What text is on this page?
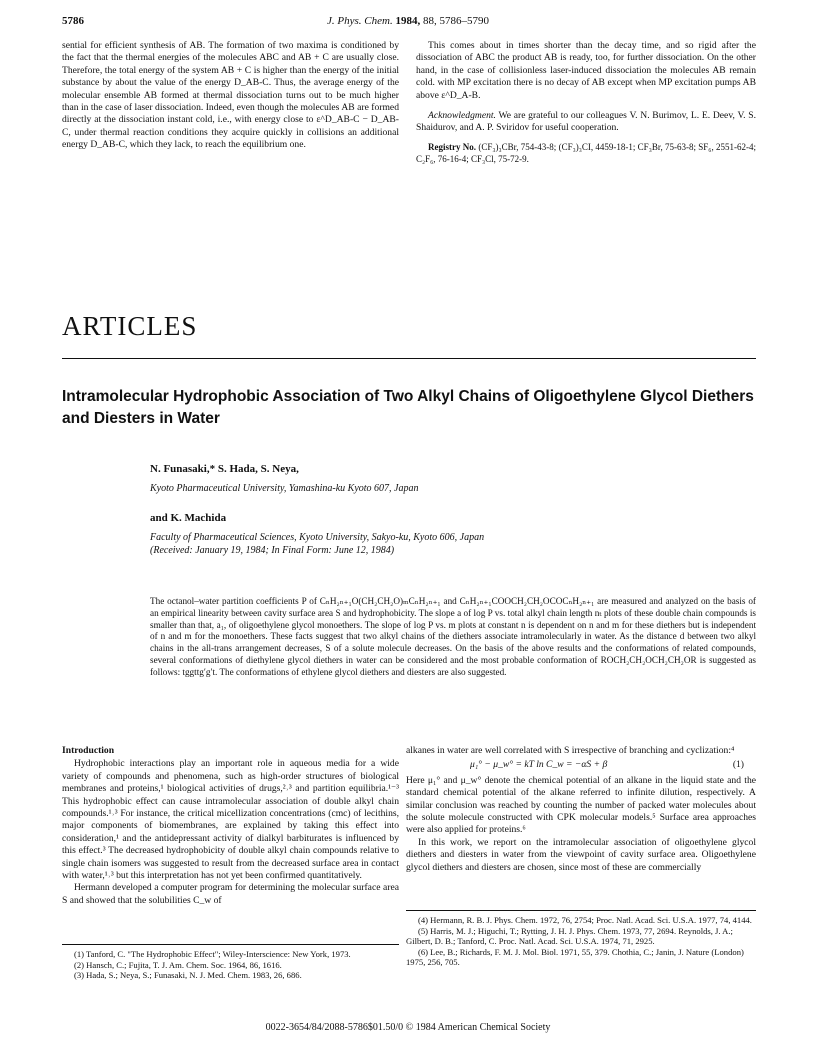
5786	J. Phys. Chem. 1984, 88, 5786–5790

sential for efficient synthesis of AB. The formation of two maxima is conditioned by the fact that the thermal energies of the molecules ABC and AB + C are usually close. Therefore, the total energy of the system AB + C is higher than the energy of the initial substance by about the value of the energy D_AB-C. Thus, the average energy of the molecular ensemble AB formed at thermal dissociation turns out to be much higher than in the case of laser dissociation. Indeed, even though the molecules AB are formed directly at the dissociation instant cold, i.e., with energy close to ε^D_AB-C − D_AB-C, under thermal reaction conditions they acquire quickly in collisions an additional energy D_AB-C, which they lack, to reach the equilibrium one.

This comes about in times shorter than the decay time, and so rigid after the dissociation of ABC the product AB is ready, too, for further dissociation. On the other hand, in the case of collisionless laser-induced dissociation the molecules AB remain cold. with MP excitation there is no decay of AB except when MP excitation pumps AB above ε^D_A-B.

Acknowledgment. We are grateful to our colleagues V. N. Burimov, L. E. Deev, V. S. Shaidurov, and A. P. Sviridov for useful cooperation.

Registry No. (CF₃)₃CBr, 754-43-8; (CF₃)₃CI, 4459-18-1; CF₃Br, 75-63-8; SF₆, 2551-62-4; C₂F₆, 76-16-4; CF₃Cl, 75-72-9.

ARTICLES
Intramolecular Hydrophobic Association of Two Alkyl Chains of Oligoethylene Glycol Diethers and Diesters in Water
N. Funasaki,* S. Hada, S. Neya,
Kyoto Pharmaceutical University, Yamashina-ku Kyoto 607, Japan
and K. Machida
Faculty of Pharmaceutical Sciences, Kyoto University, Sakyo-ku, Kyoto 606, Japan
(Received: January 19, 1984; In Final Form: June 12, 1984)
The octanol–water partition coefficients P of CₙH₂ₙ₊₁O(CH₂CH₂O)ₘCₙH₂ₙ₊₁ and CₙH₂ₙ₊₁COOCH₂CH₂OCOCₙH₂ₙ₊₁ are measured and analyzed on the basis of an empirical linearity between cavity surface area S and hydrophobicity. The slope a of log P vs. total alkyl chain length nₜ plots of these double chain compounds is smaller than that, a₁, of oligoethylene glycol monoethers. The slope of log P vs. m plots at constant n is dependent on n and m for these diethers but is independent of n and m for the monoethers. These facts suggest that two alkyl chains of the diethers associate intramolecularly in water. As the distance d between two alkyl chains in the all-trans arrangement decreases, S of a solute molecule decreases. On the basis of the above results and the conformations of related compounds, several conformations of diethylene glycol diethers in water can be considered and the most probable conformation of ROCH₂CH₂OCH₂CH₂OR is suggested as follows: tggttg′g′t. The conformations of ethylene glycol diethers and diesters are also suggested.

Introduction

Hydrophobic interactions play an important role in aqueous media for a wide variety of compounds and phenomena, such as high-order structures of biological membranes and proteins,¹ biological activities of drugs,²˒³ and partition equilibria.¹⁻³ This hydrophobic effect can cause intramolecular association of double alkyl chain compounds.¹˒³ For instance, the critical micellization concentrations (cmc) of lecithins, major components of biomembranes, are explained by taking this effect into consideration,¹ and the antidepressant activity of dialkyl barbiturates is influenced by this effect.³ The decreased hydrophobicity of double alkyl chain compounds relative to single chain isomers was suggested to result from the decreased surface area in contact with water,¹˒³ but this interpretation has not yet been confirmed quantitatively.

Hermann developed a computer program for determining the molecular surface area S and showed that the solubilities C_w of

alkanes in water are well correlated with S irrespective of branching and cyclization:⁴

μ₁° − μ_w° = kT ln C_w = −αS + β	(1)

Here μ₁° and μ_w° denote the chemical potential of an alkane in the liquid state and the standard chemical potential of the alkane referred to infinite dilution, respectively. A similar conclusion was reached by counting the number of packed water molecules about the solute molecule constructed with CPK molecular models.⁵ Surface area approaches were also applied for proteins.⁶

In this work, we report on the intramolecular association of oligoethylene glycol diethers and diesters in water from the viewpoint of cavity surface area. Oligoethylene glycol diethers and diesters are chosen, since most of these are commercially

(1) Tanford, C. "The Hydrophobic Effect"; Wiley-Interscience: New York, 1973.

(2) Hansch, C.; Fujita, T. J. Am. Chem. Soc. 1964, 86, 1616.

(3) Hada, S.; Neya, S.; Funasaki, N. J. Med. Chem. 1983, 26, 686.

(4) Hermann, R. B. J. Phys. Chem. 1972, 76, 2754; Proc. Natl. Acad. Sci. U.S.A. 1977, 74, 4144.

(5) Harris, M. J.; Higuchi, T.; Rytting, J. H. J. Phys. Chem. 1973, 77, 2694. Reynolds, J. A.; Gilbert, D. B.; Tanford, C. Proc. Natl. Acad. Sci. U.S.A. 1974, 71, 2925.

(6) Lee, B.; Richards, F. M. J. Mol. Biol. 1971, 55, 379. Chothia, C.; Janin, J. Nature (London) 1975, 256, 705.

0022-3654/84/2088-5786$01.50/0 © 1984 American Chemical Society
